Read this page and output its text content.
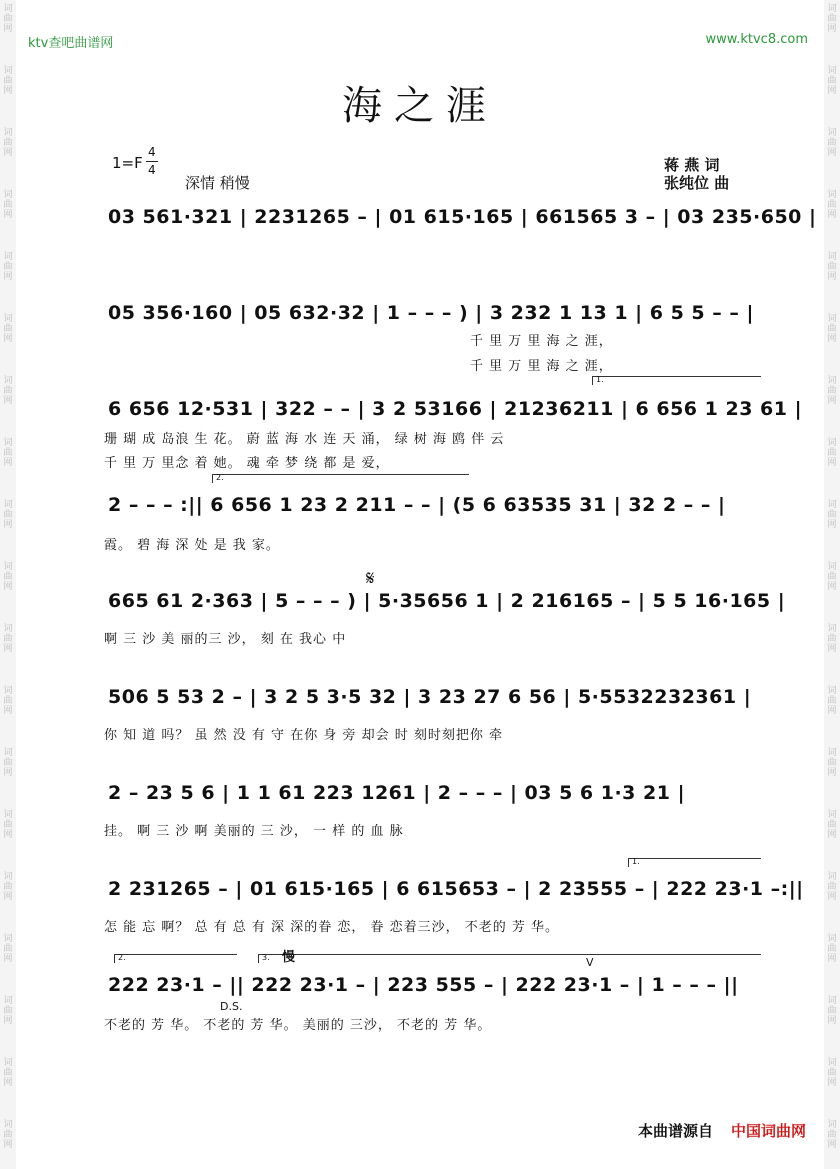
词
曲
网
词
曲
网
词
曲
网
词
曲
网
词
曲
网
词
曲
网
词
曲
网
词
曲
网
词
曲
网
词
曲
网
词
曲
网
词
曲
网
词
曲
网
词
曲
网
词
曲
网
词
曲
网
词
曲
网
词
曲
网
词
曲
网
词
曲
网
词
曲
网
词
曲
网
词
曲
网
词
曲
网
词
曲
网
词
曲
网
词
曲
网
词
曲
网
词
曲
网
词
曲
网
词
曲
网
词
曲
网
词
曲
网
词
曲
网
词
曲
网
词
曲
网
词
曲
网
词
曲
网
ktv查吧曲谱网	www.ktvc8.com
海之涯
1=F
4
4
深情 稍慢
蒋 燕 词
张纯位 曲
03 561·321 | 2231265 – | 01 615·165 | 661565 3 – | 03 235·650 |
05 356·160 | 05 632·32 | 1 – – – ) | 3 232 1 13 1 | 6 5 5 – – |
千 里 万 里 海 之 涯，
千 里 万 里 海 之 涯，
1.
6 656 12·531 | 322 – – | 3 2 53166 | 21236211 | 6 656 1 23 61 |
珊 瑚 成 岛浪 生 花。 蔚 蓝 海 水 连 天 涌， 绿 树 海 鸥 伴 云
千 里 万 里念 着 她。 魂 牵 梦 绕 都 是 爱，
2.
2 – – – :|| 6 656 1 23 2 211 – – | (5 6 63535 31 | 32 2 – – |
霞。 碧 海 深 处 是 我 家。
𝄋
665 61 2·363 | 5 – – – ) | 5·35656 1 | 2 216165 – | 5 5 16·165 |
啊 三 沙 美 丽的三 沙， 刻 在 我心 中
506 5 53 2 – | 3 2 5 3·5 32 | 3 23 27 6 56 | 5·5532232361 |
你 知 道 吗？ 虽 然 没 有 守 在你 身 旁 却会 时 刻时刻把你 牵
2 – 23 5 6 | 1 1 61 223 1261 | 2 – – – | 03 5 6 1·3 21 |
挂。 啊 三 沙 啊 美丽的 三 沙， 一 样 的 血 脉
1.
2 231265 – | 01 615·165 | 6 615653 – | 2 23555 – | 222 23·1 –:||
怎 能 忘 啊？ 总 有 总 有 深 深的眷 恋， 眷 恋着三沙， 不老的 芳 华。
2.	3. 慢	V
222 23·1 – || 222 23·1 – | 223 555 – | 222 23·1 – | 1 – – – ||
D.S.
不老的 芳 华。 不老的 芳 华。 美丽的 三沙， 不老的 芳 华。
本曲谱源自 中国词曲网
